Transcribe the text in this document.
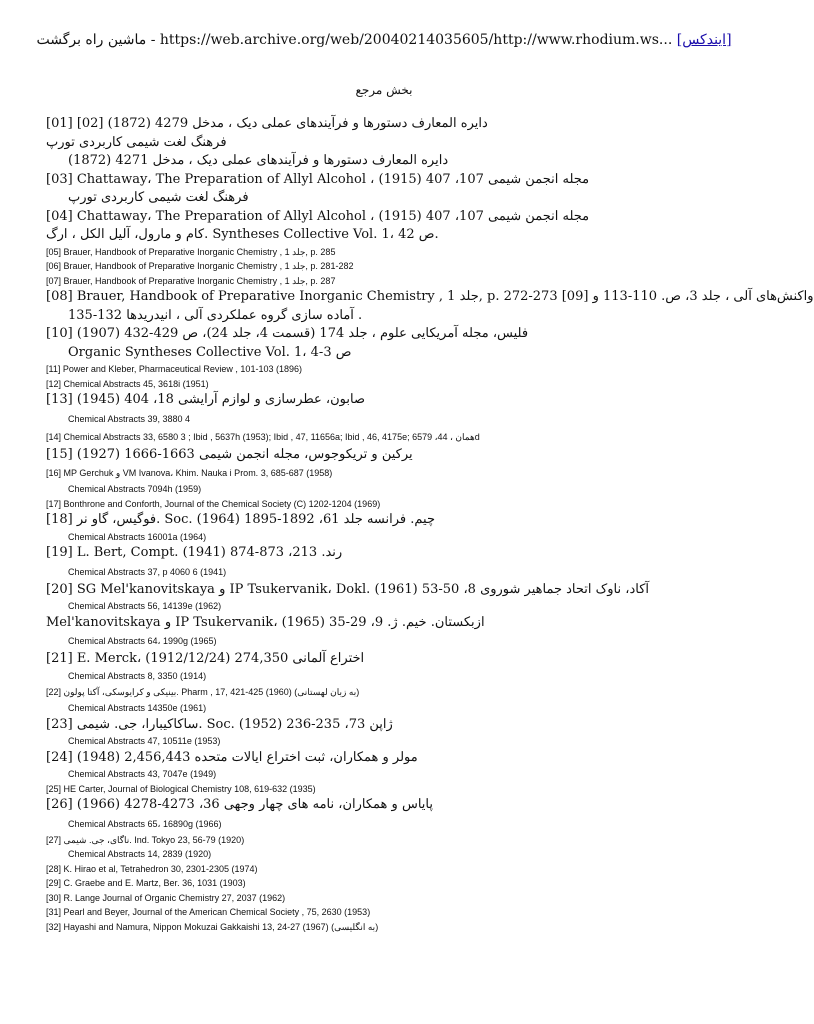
ماشین راه برگشت - https://web.archive.org/web/20040214035605/http://www.rhodium.ws... [ایندکس]
بخش مرجع
[01] [02] دایره المعارف دستورها و فرآیندهای عملی دیک ، مدخل 4279 (1872)
فرهنگ لغت شیمی کاربردی تورپ
دایره المعارف دستورها و فرآیندهای عملی دیک ، مدخل 4271 (1872)
[03] Chattaway، The Preparation of Allyl Alcohol ، مجله انجمن شیمی 107، 407 (1915)
فرهنگ لغت شیمی کاربردی تورپ
[04] Chattaway، The Preparation of Allyl Alcohol ، مجله انجمن شیمی 107، 407 (1915)
کام و مارول، آلیل الکل ، ارگ. Syntheses Collective Vol. 1، 42 ص.
[05] Brauer, Handbook of Preparative Inorganic Chemistry , 1 جلد, p. 285
[06] Brauer, Handbook of Preparative Inorganic Chemistry , 1 جلد, p. 281-282
[07] Brauer, Handbook of Preparative Inorganic Chemistry , 1 جلد, p. 287
[08] Brauer, Handbook of Preparative Inorganic Chemistry , 1 جلد, p. 272-273 [09] واکنش‌های آلی ، جلد 3، ص. 110-113 و
آماده سازی گروه عملکردی آلی ، انیدریدها 132-135 .
[10] فلیس، مجله آمریکایی علوم ، جلد 174 (قسمت 4، جلد 24)، ص 429-432 (1907)
Organic Syntheses Collective Vol. 1، ص 3-4
[11] Power and Kleber, Pharmaceutical Review , 101-103 (1896)
[12] Chemical Abstracts 45, 3618i (1951)
[13] صابون، عطرسازی و لوازم آرایشی 18، 404 (1945)
Chemical Abstracts 39, 3880 4
[14] Chemical Abstracts 33, 6580 3 ; Ibid , 5637h (1953); Ibid , 47, 11656a; Ibid , 46, 4175e; همان ، 44، 6579d
[15] یرکین و تریکوجوس، مجله انجمن شیمی 1663-1666 (1927)
[16] MP Gerchuk و VM Ivanova، Khim. Nauka i Prom. 3, 685-687 (1958)
Chemical Abstracts 7094h (1959)
[17] Bonthrone and Conforth, Journal of the Chemical Society (C) 1202-1204 (1969)
[18] فوگیس، گاو نر. Soc. چیم. فرانسه جلد 61، 1892-1895 (1964)
Chemical Abstracts 16001a (1964)
[19] L. Bert, Compt. رند. 213، 873-874 (1941)
Chemical Abstracts 37, p 4060 6 (1941)
[20] SG Mel'kanovitskaya و IP Tsukervanik، Dokl. آکاد، ناوک اتحاد جماهیر شوروی 8، 50-53 (1961)
Chemical Abstracts 56, 14139e (1962)
Mel'kanovitskaya و IP Tsukervanik، ازبکستان. خیم. ژ. 9، 29-35 (1965)
Chemical Abstracts 64، 1990g (1965)
[21] E. Merck، اختراع آلمانی 274,350 (1912/12/24)
Chemical Abstracts 8, 3350 (1914)
[22] بینیکی و کرایوسکی، آکتا پولون. Pharm , 17, 421-425 (1960) (به زبان لهستانی)
Chemical Abstracts 14350e (1961)
[23] ساکاکیبارا، جی. شیمی. Soc. ژاپن 73، 235-236 (1952)
Chemical Abstracts 47, 10511e (1953)
[24] مولر و همکاران، ثبت اختراع ایالات متحده 2,456,443 (1948)
Chemical Abstracts 43, 7047e (1949)
[25] HE Carter, Journal of Biological Chemistry 108, 619-632 (1935)
[26] پایاس و همکاران، نامه های چهار وجهی 36، 4273-4278 (1966)
Chemical Abstracts 65، 16890g (1966)
[27] ناگای، جی. شیمی. Ind. Tokyo 23, 56-79 (1920)
Chemical Abstracts 14, 2839 (1920)
[28] K. Hirao et al, Tetrahedron 30, 2301-2305 (1974)
[29] C. Graebe and E. Martz, Ber. 36, 1031 (1903)
[30] R. Lange Journal of Organic Chemistry 27, 2037 (1962)
[31] Pearl and Beyer, Journal of the American Chemical Society , 75, 2630 (1953)
[32] Hayashi and Namura, Nippon Mokuzai Gakkaishi 13, 24-27 (1967) (به انگلیسی)
